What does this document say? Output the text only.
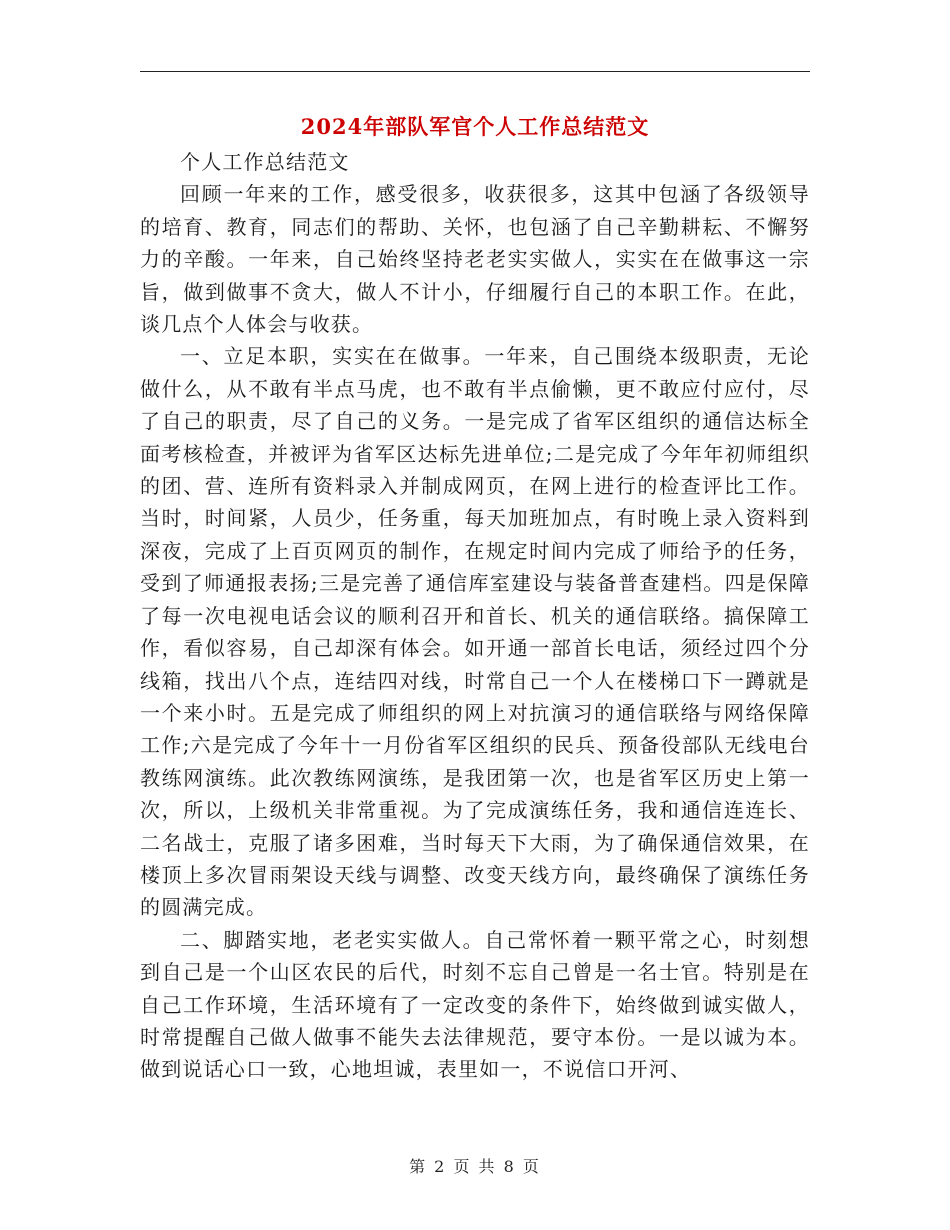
2024年部队军官个人工作总结范文

个人工作总结范文

回顾一年来的工作，感受很多，收获很多，这其中包涵了各级领导的培育、教育，同志们的帮助、关怀，也包涵了自己辛勤耕耘、不懈努力的辛酸。一年来，自己始终坚持老老实实做人，实实在在做事这一宗旨，做到做事不贪大，做人不计小，仔细履行自己的本职工作。在此，谈几点个人体会与收获。

一、立足本职，实实在在做事。一年来，自己围绕本级职责，无论做什么，从不敢有半点马虎，也不敢有半点偷懒，更不敢应付应付，尽了自己的职责，尽了自己的义务。一是完成了省军区组织的通信达标全面考核检查，并被评为省军区达标先进单位;二是完成了今年年初师组织的团、营、连所有资料录入并制成网页，在网上进行的检查评比工作。当时，时间紧，人员少，任务重，每天加班加点，有时晚上录入资料到深夜，完成了上百页网页的制作，在规定时间内完成了师给予的任务，受到了师通报表扬;三是完善了通信库室建设与装备普查建档。四是保障了每一次电视电话会议的顺利召开和首长、机关的通信联络。搞保障工作，看似容易，自己却深有体会。如开通一部首长电话，须经过四个分线箱，找出八个点，连结四对线，时常自己一个人在楼梯口下一蹲就是一个来小时。五是完成了师组织的网上对抗演习的通信联络与网络保障工作;六是完成了今年十一月份省军区组织的民兵、预备役部队无线电台教练网演练。此次教练网演练，是我团第一次，也是省军区历史上第一次，所以，上级机关非常重视。为了完成演练任务，我和通信连连长、二名战士，克服了诸多困难，当时每天下大雨，为了确保通信效果，在楼顶上多次冒雨架设天线与调整、改变天线方向，最终确保了演练任务的圆满完成。

二、脚踏实地，老老实实做人。自己常怀着一颗平常之心，时刻想到自己是一个山区农民的后代，时刻不忘自己曾是一名士官。特别是在自己工作环境，生活环境有了一定改变的条件下，始终做到诚实做人，时常提醒自己做人做事不能失去法律规范，要守本份。一是以诚为本。做到说话心口一致，心地坦诚，表里如一，不说信口开河、

第 2 页 共 8 页
